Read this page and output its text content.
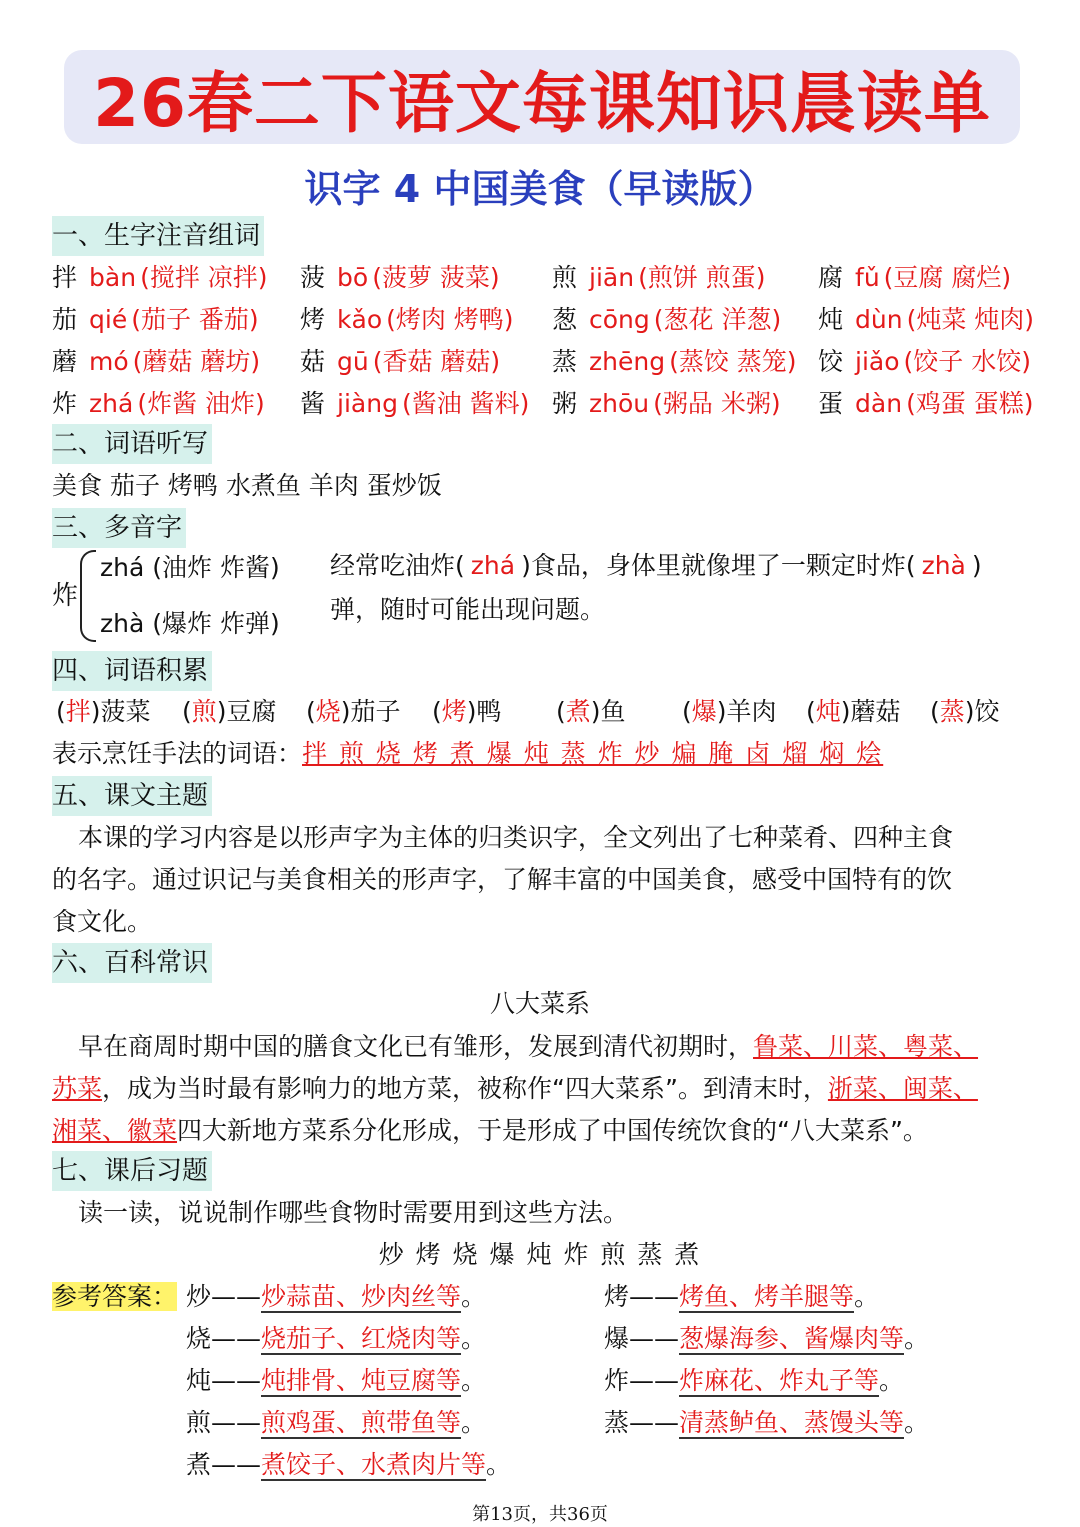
26春二下语文每课知识晨读单
识字 4 中国美食（早读版）
一、生字注音组词
拌 bàn (搅拌 凉拌) 菠 bō (菠萝 菠菜) 煎 jiān (煎饼 煎蛋) 腐 fǔ (豆腐 腐烂)
茄 qié (茄子 番茄) 烤 kǎo (烤肉 烤鸭) 葱 cōng (葱花 洋葱) 炖 dùn (炖菜 炖肉)
蘑 mó (蘑菇 蘑坊) 菇 gū (香菇 蘑菇) 蒸 zhēng (蒸饺 蒸笼) 饺 jiǎo (饺子 水饺)
炸 zhá (炸酱 油炸) 酱 jiàng (酱油 酱料) 粥 zhōu (粥品 米粥) 蛋 dàn (鸡蛋 蛋糕)
二、词语听写
美食 茄子 烤鸭 水煮鱼 羊肉 蛋炒饭
三、多音字
炸
zhá (油炸 炸酱)
zhà (爆炸 炸弹)
经常吃油炸( zhá )食品，身体里就像埋了一颗定时炸( zhà )
弹，随时可能出现问题。
四、词语积累
(拌)菠菜 (煎)豆腐 (烧)茄子 (烤)鸭 (煮)鱼 (爆)羊肉 (炖)蘑菇 (蒸)饺
表示烹饪手法的词语：拌 煎 烧 烤 煮 爆 炖 蒸 炸 炒 煸 腌 卤 熘 焖 烩
五、课文主题
本课的学习内容是以形声字为主体的归类识字，全文列出了七种菜肴、四种主食
的名字。通过识记与美食相关的形声字，了解丰富的中国美食，感受中国特有的饮
食文化。
六、百科常识
八大菜系
早在商周时期中国的膳食文化已有雏形，发展到清代初期时，鲁菜、川菜、粤菜、
苏菜，成为当时最有影响力的地方菜，被称作“四大菜系”。到清末时，浙菜、闽菜、
湘菜、徽菜四大新地方菜系分化形成，于是形成了中国传统饮食的“八大菜系”。
七、课后习题
读一读，说说制作哪些食物时需要用到这些方法。
炒 烤 烧 爆 炖 炸 煎 蒸 煮
参考答案： 炒——炒蒜苗、炒肉丝等。	烤——烤鱼、烤羊腿等。
烧——烧茄子、红烧肉等。	爆——葱爆海参、酱爆肉等。
炖——炖排骨、炖豆腐等。	炸——炸麻花、炸丸子等。
煎——煎鸡蛋、煎带鱼等。	蒸——清蒸鲈鱼、蒸馒头等。
煮——煮饺子、水煮肉片等。
第13页，共36页
